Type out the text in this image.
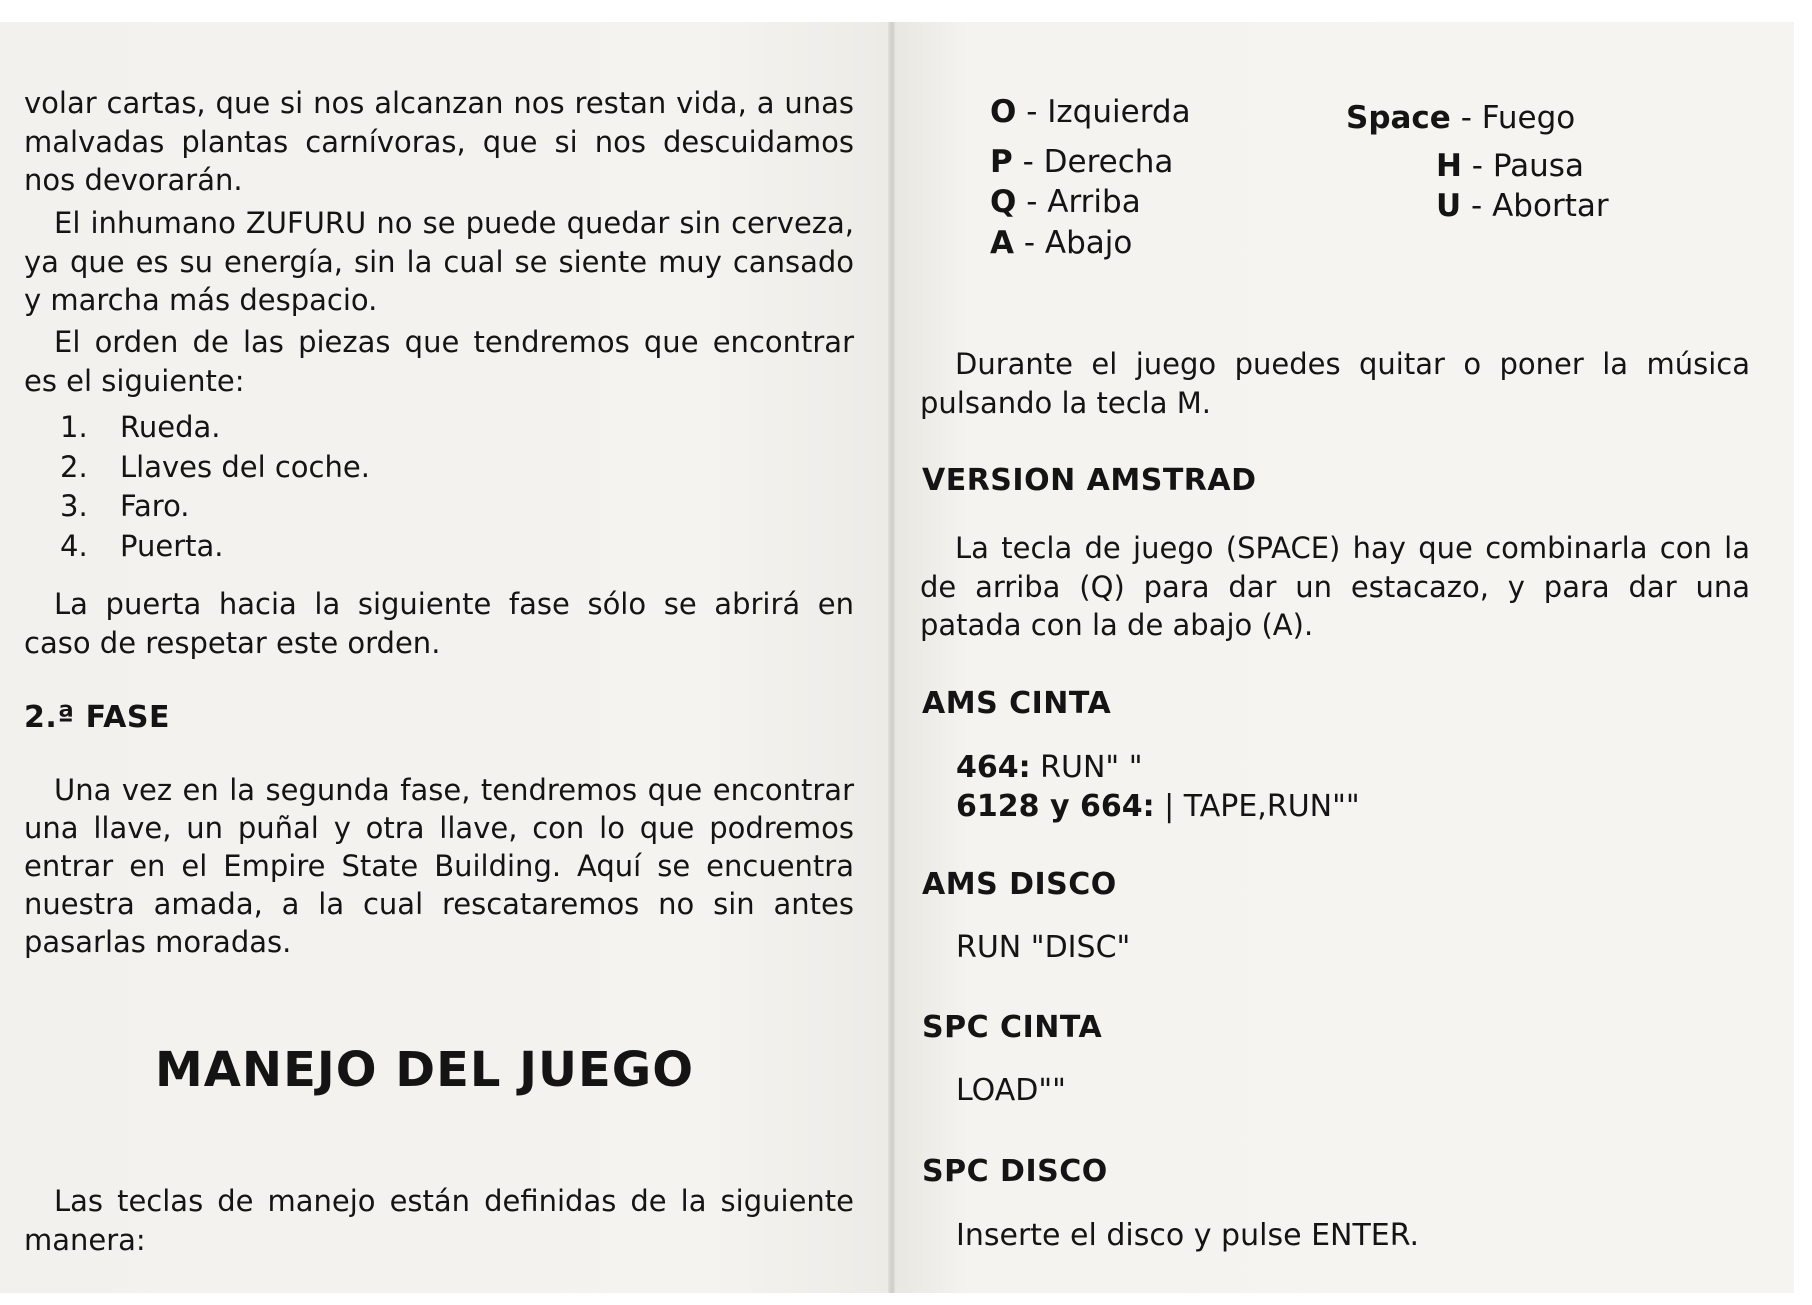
volar cartas, que si nos alcanzan nos restan vida, a unas malvadas plantas carnívoras, que si nos descuidamos nos devorarán.

El inhumano ZUFURU no se puede quedar sin cerveza, ya que es su energía, sin la cual se siente muy cansado y marcha más despacio.

El orden de las piezas que tendremos que encontrar es el siguiente:

1.	Rueda.
2.	Llaves del coche.
3.	Faro.
4.	Puerta.

La puerta hacia la siguiente fase sólo se abrirá en caso de respetar este orden.

2.ª FASE

Una vez en la segunda fase, tendremos que encontrar una llave, un puñal y otra llave, con lo que podremos entrar en el Empire State Building. Aquí se encuentra nuestra amada, a la cual rescataremos no sin antes pasarlas moradas.

MANEJO DEL JUEGO

Las teclas de manejo están definidas de la siguiente manera:

O - Izquierda
P - Derecha
Q - Arriba
A - Abajo
Space - Fuego
H - Pausa
U - Abortar

Durante el juego puedes quitar o poner la música pulsando la tecla M.

VERSION AMSTRAD

La tecla de juego (SPACE) hay que combinarla con la de arriba (Q) para dar un estacazo, y para dar una patada con la de abajo (A).

AMS CINTA
464: RUN" "
6128 y 664: | TAPE,RUN""
AMS DISCO
RUN "DISC"
SPC CINTA
LOAD""
SPC DISCO
Inserte el disco y pulse ENTER.
